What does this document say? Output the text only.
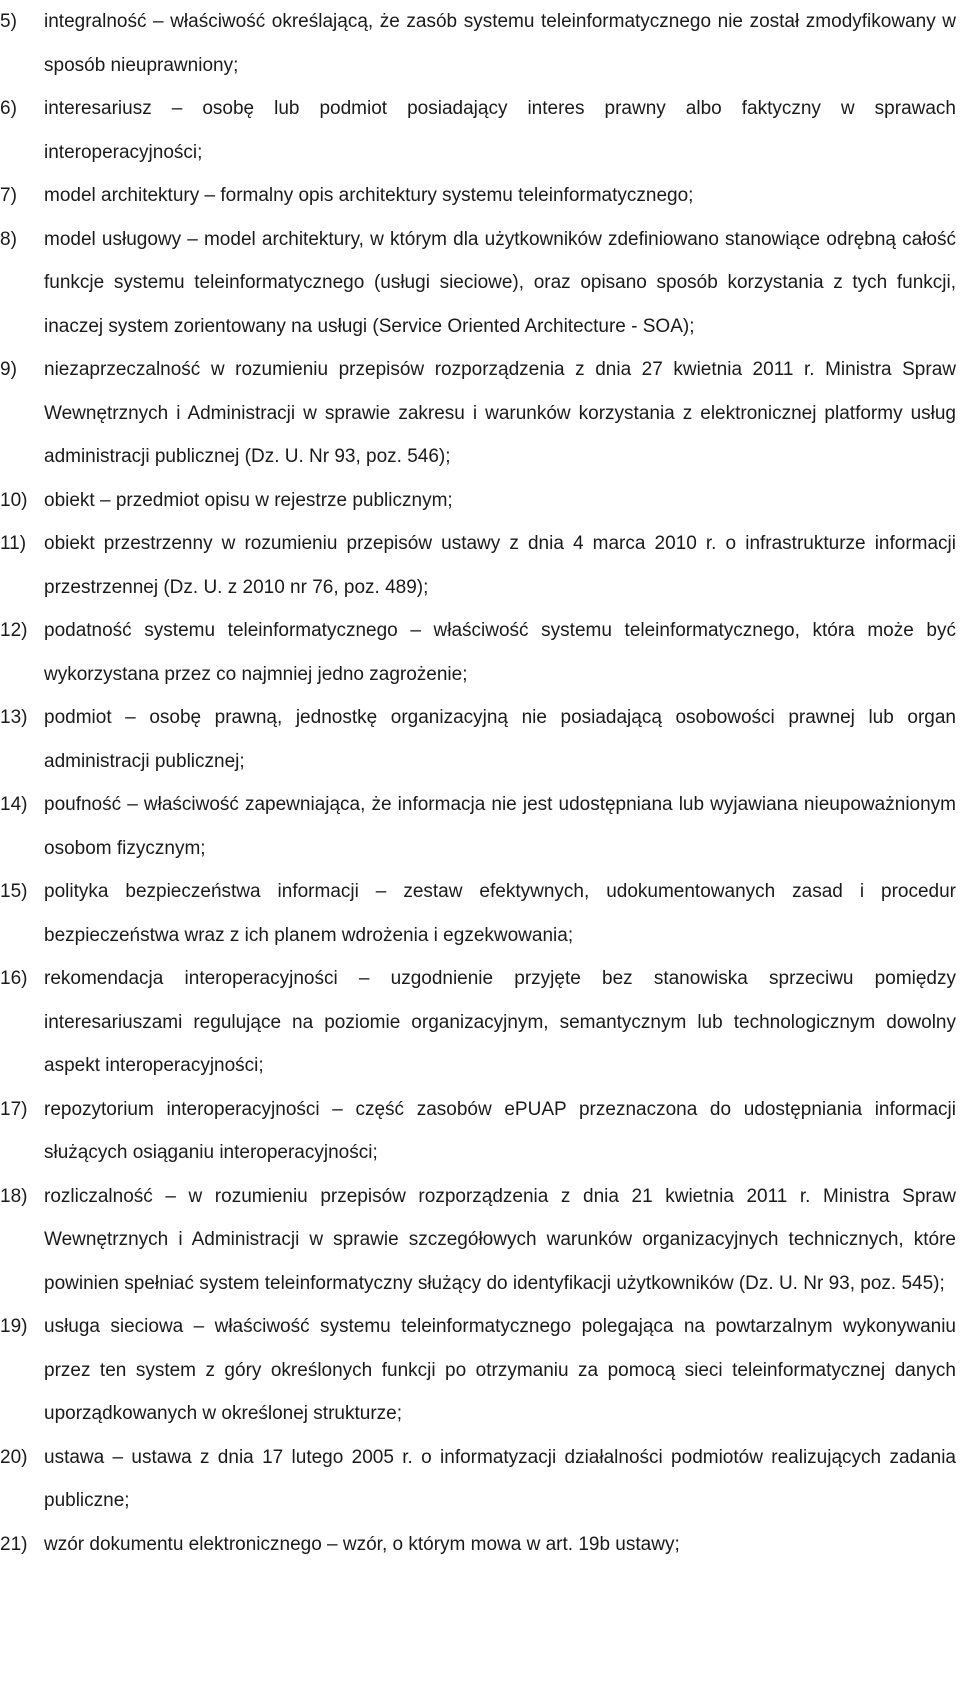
5) integralność – właściwość określającą, że zasób systemu teleinformatycznego nie został zmodyfikowany w sposób nieuprawniony;
6) interesariusz – osobę lub podmiot posiadający interes prawny albo faktyczny w sprawach interoperacyjności;
7) model architektury – formalny opis architektury systemu teleinformatycznego;
8) model usługowy – model architektury, w którym dla użytkowników zdefiniowano stanowiące odrębną całość funkcje systemu teleinformatycznego (usługi sieciowe), oraz opisano sposób korzystania z tych funkcji, inaczej system zorientowany na usługi (Service Oriented Architecture - SOA);
9) niezaprzeczalność w rozumieniu przepisów rozporządzenia z dnia 27 kwietnia 2011 r. Ministra Spraw Wewnętrznych i Administracji w sprawie zakresu i warunków korzystania z elektronicznej platformy usług administracji publicznej (Dz. U. Nr 93, poz. 546);
10) obiekt – przedmiot opisu w rejestrze publicznym;
11) obiekt przestrzenny w rozumieniu przepisów ustawy z dnia 4 marca 2010 r. o infrastrukturze informacji przestrzennej (Dz. U. z 2010 nr 76, poz. 489);
12) podatność systemu teleinformatycznego – właściwość systemu teleinformatycznego, która może być wykorzystana przez co najmniej jedno zagrożenie;
13) podmiot – osobę prawną, jednostkę organizacyjną nie posiadającą osobowości prawnej lub organ administracji publicznej;
14) poufność – właściwość zapewniająca, że informacja nie jest udostępniana lub wyjawiana nieupoważnionym osobom fizycznym;
15) polityka bezpieczeństwa informacji – zestaw efektywnych, udokumentowanych zasad i procedur bezpieczeństwa wraz z ich planem wdrożenia i egzekwowania;
16) rekomendacja interoperacyjności – uzgodnienie przyjęte bez stanowiska sprzeciwu pomiędzy interesariuszami regulujące na poziomie organizacyjnym, semantycznym lub technologicznym dowolny aspekt interoperacyjności;
17) repozytorium interoperacyjności – część zasobów ePUAP przeznaczona do udostępniania informacji służących osiąganiu interoperacyjności;
18) rozliczalność – w rozumieniu przepisów rozporządzenia z dnia 21 kwietnia 2011 r. Ministra Spraw Wewnętrznych i Administracji w sprawie szczegółowych warunków organizacyjnych technicznych, które powinien spełniać system teleinformatyczny służący do identyfikacji użytkowników (Dz. U. Nr 93, poz. 545);
19) usługa sieciowa – właściwość systemu teleinformatycznego polegająca na powtarzalnym wykonywaniu przez ten system z góry określonych funkcji po otrzymaniu za pomocą sieci teleinformatycznej danych uporządkowanych w określonej strukturze;
20) ustawa – ustawa z dnia 17 lutego 2005 r. o informatyzacji działalności podmiotów realizujących zadania publiczne;
21) wzór dokumentu elektronicznego – wzór, o którym mowa w art. 19b ustawy;
